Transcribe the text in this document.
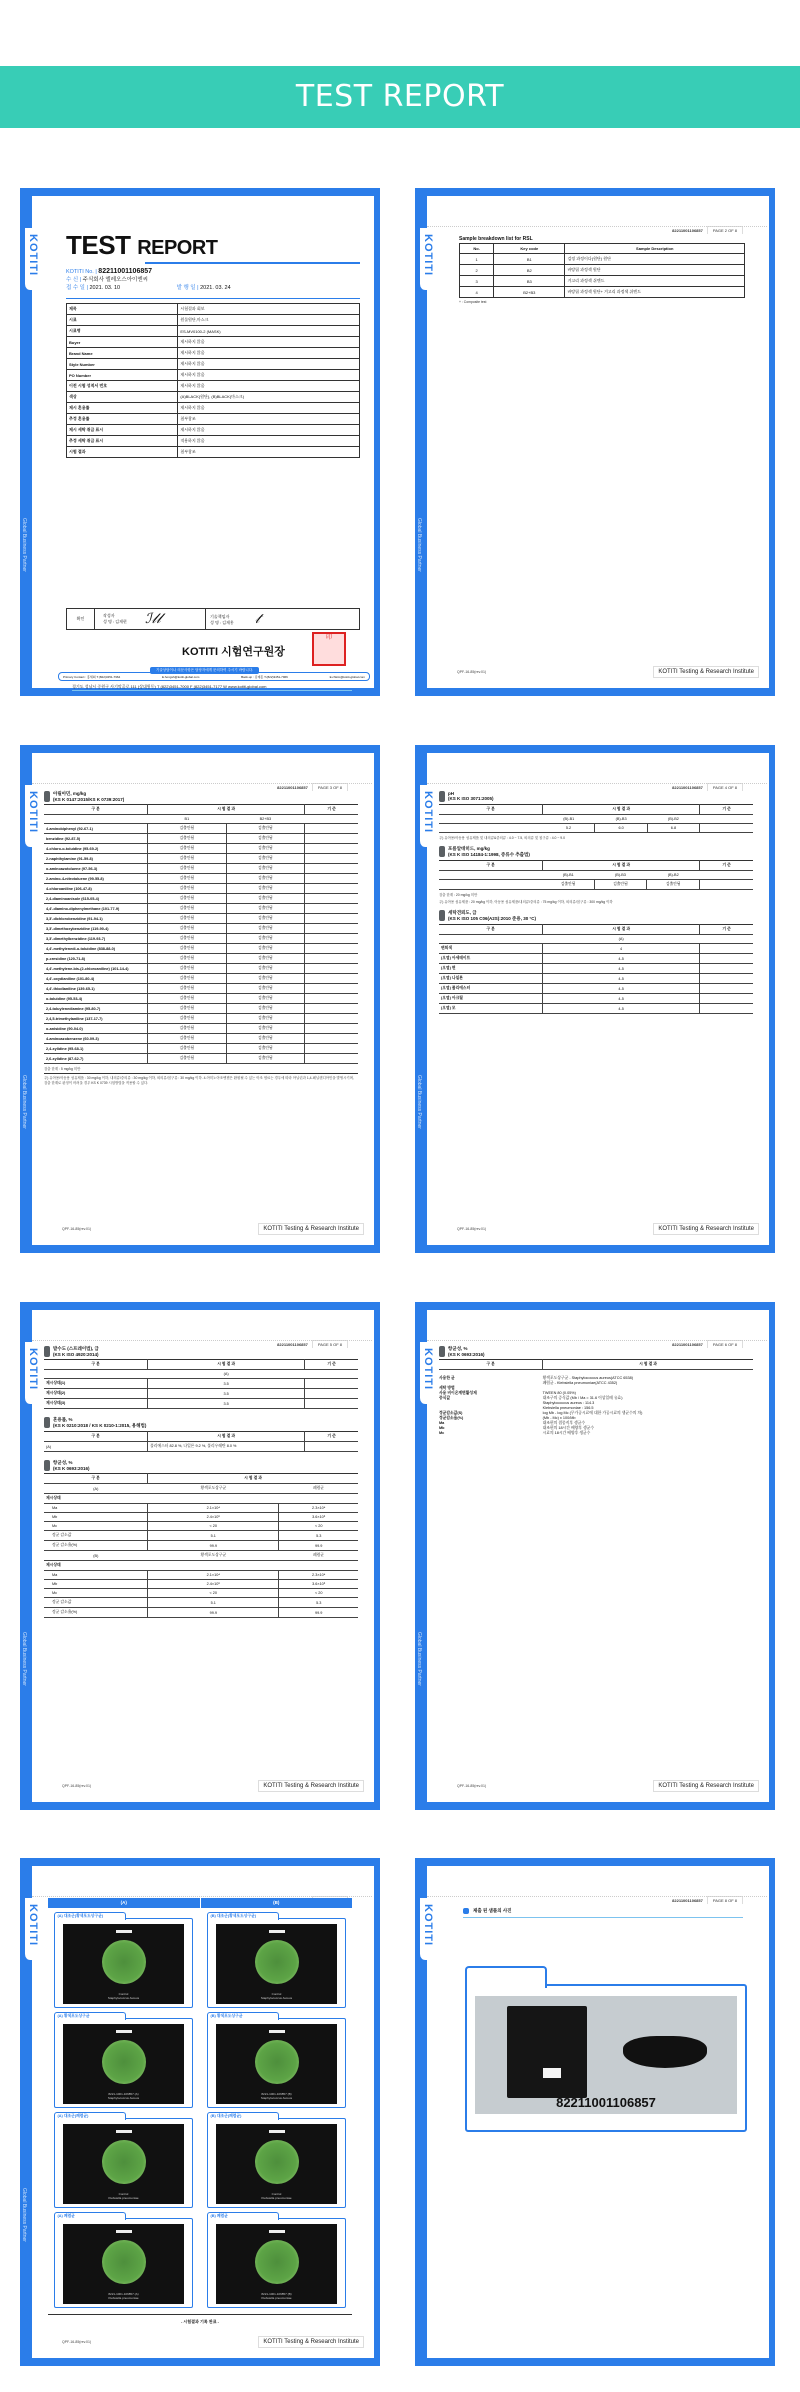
TEST REPORT
TEST REPORT
KOTITI No. | 82211001106857
수 신 | 주식회사 엘레오스아이엔씨
접 수 일 | 2021. 03. 10	발 행 일 | 2021. 03. 24
제목	시험결과 회보
시료	원물원단,마스크
시료명	ES-MV0100-2 (MASK)
Buyer	제시하지 않음
Brand Name	제시하지 않음
Style Number	제시하지 않음
PO Number	제시하지 않음
이전 시험 성적서 번호	제시하지 않음
색상	(A)BLACK(원단), (B)BLACK(마스크)
제시 혼용률	제시하지 않음
추정 혼용률	첨부참조
제시 세탁 취급 표시	제시하지 않음
추정 세탁 취급 표시	적용하지 않음
시험 결과	첨부참조
확인
작성자
성 명 : 김재현	ℐ𝓁𝓁	기술책임자
성 명 : 김재홍	𝓉
KOTITI 시험연구원장
印
기술상담이나 의문사항은 담당자에게 문의하여 주시기 바랍니다.
Primary Contact : 홍세희 T.(822)3451-7964	E.hongsh@kotiti-global.com	Back-up : 김재홍 T.(822)3451-7966	E.chkim@kotiti-global.com
경기도 성남시 중원구 사기막골로 111 (상대원동) T (822)3451-7000 F (822)3451-7177 W www.kotiti-global.com
KOTITI
Global Business Partner
82211001106857	PAGE 2 OF 8
Sample breakdown list for RSL
No.	Key code	Sample Description
1	B1	검정 과정이다(원단) 원단
2	B2	바탕립 과정색 원단
3	B3	겨고리 과정색 쉬엔드
4	B2+B3	바탕립 과정색 원단+ 겨고리 과정색 쉬엔드
+ : Composite test
QPF-16-85(rev.01)	KOTITI Testing & Research Institute
KOTITI
Global Business Partner
82211001106857	PAGE 3 OF 8
아릴아민, mg/kg
(KS K 0147:2015/KS K 0739:2017)
구 분	시 험 결 과		기 준
	B1	B2+B3	
4-aminobiphenyl (92-67-1)	검출안됨	검출안됨	
benzidine (92-87-5)	검출안됨	검출안됨	
4-chloro-o-toluidine (95-69-2)	검출안됨	검출안됨	
2-naphthylamine (91-59-8)	검출안됨	검출안됨	
o-aminoazotoluene (97-56-3)	검출안됨	검출안됨	
2-amino-4-nitrotoluene (99-55-8)	검출안됨	검출안됨	
4-chloroaniline (106-47-8)	검출안됨	검출안됨	
2,4-diaminoanisole (615-05-4)	검출안됨	검출안됨	
4,4'-diamino-diphenylmethane (101-77-9)	검출안됨	검출안됨	
3,3'-dichlorobenzidine (91-94-1)	검출안됨	검출안됨	
3,3'-dimethoxybenzidine (119-90-4)	검출안됨	검출안됨	
3,3'-dimethylbenzidine (119-93-7)	검출안됨	검출안됨	
4,4'-methylenedi-o-toluidine (838-88-0)	검출안됨	검출안됨	
p-cresidine (120-71-8)	검출안됨	검출안됨	
4,4'-methylene-bis-(2-chloroaniline) (101-14-4)	검출안됨	검출안됨	
4,4'-oxydianiline (101-80-4)	검출안됨	검출안됨	
4,4'-thiodianiline (139-65-1)	검출안됨	검출안됨	
o-toluidine (95-53-4)	검출안됨	검출안됨	
2,4-toluylenediamine (95-80-7)	검출안됨	검출안됨	
2,4,5-trimethylaniline (137-17-7)	검출안됨	검출안됨	
o-anisidine (90-04-0)	검출안됨	검출안됨	
4-aminoazobenzene (60-09-3)	검출안됨	검출안됨	
2,4-xylidine (95-68-1)	검출안됨	검출안됨	
2,6-xylidine (87-62-7)	검출안됨	검출안됨	
검출 한계 : 5 mg/kg 미만
주) 유아용/아동용 섬유제품 : 30 mg/kg 이하, 내의류/중의류 : 30 mg/kg 이하, 외의류/침구류 : 30 mg/kg 이하. 4-아미노아조벤젠은 환원될 수 있는 아조 염료는 경우에 따라 아닐린과 1,4-페닐렌디아민을 발생시키며, 검출 한계로 판정이 어려울 경우 KS K 0739 시험방법을 적용할 수 있다.
QPF-16-85(rev.01)	KOTITI Testing & Research Institute
KOTITI
Global Business Partner
82211001106857	PAGE 4 OF 8
pH
(KS K ISO 3071:2005)
구 분	시 험 결 과			기 준
	(B)-B1	(B)-B3	(B)-B2	
	5.2	6.0	6.8	
주) 유아용/아동용 섬유제품 및 내의류&중의류 : 4.0 ~ 7.5, 외의류 및 침구류 : 4.0 ~ 9.0
포름알데히드, mg/kg
(KS K ISO 14184-1:1998, 증류수 추출법)
구 분	시 험 결 과			기 준
	(B)-B1	(B)-B3	(B)-B2	
	검출안됨	검출안됨	검출안됨	
검출 한계 : 20 mg/kg 미만
주) 유아용 섬유제품 : 20 mg/kg 이하, 아동용 섬유제품/내의류/중의류 : 75 mg/kg 이하, 외의류/침구류 : 300 mg/kg 이하
세탁견뢰도, 급
(KS K ISO 105 C06(A2S):2010 준용, 30 °C)
구 분	시 험 결 과	기 준
	(A)	
변퇴색	4	
(오염) 아세테이트	4-5	
(오염) 면	4-5	
(오염) 나일론	4-5	
(오염) 폴리에스터	4-5	
(오염) 아크릴	4-5	
(오염) 모	4-5	
QPF-16-85(rev.01)	KOTITI Testing & Research Institute
KOTITI
Global Business Partner
82211001106857	PAGE 5 OF 8
발수도 (스프레이법), 급
(KS K ISO 4920:2014)
구 분	시 험 결 과	기 준
	(A)	
제시상태(1)	3.5	
제시상태(2)	3.5	
제시상태(3)	3.5	
혼용률, %
(KS K 0210:2018 / KS K 0210-1:2015, 용해법)
구 분	시 험 결 과	기 준
(A)	폴리에스터 82.8 %, 나일론 9.2 %, 폴리우레탄 8.0 %	
항균성, %
(KS K 0693:2016)
구 분	시 험 결 과	
(A)	황색포도상구균	폐렴균
제시상태		
Ma	2.1×10⁴	2.3×10⁴
Mb	2.4×10⁶	3.6×10⁶
Mc	< 20	< 20
정균 감소값	5.1	5.3
정균 감소율(%)	99.9	99.9
(B)	황색포도상구균	폐렴균
제시상태		
Ma	2.1×10⁴	2.3×10⁴
Mb	2.4×10⁶	3.6×10⁶
Mc	< 20	< 20
정균 감소값	5.1	5.3
정균 감소율(%)	99.9	99.9
QPF-16-85(rev.01)	KOTITI Testing & Research Institute
KOTITI
Global Business Partner
82211001106857	PAGE 6 OF 8
항균성, %
(KS K 0693:2016)
구 분	시 험 결 과
사용한 균	황색포도상구균 - Staphylococcus aureus(ATCC 6538)
폐렴균 - Klebsiella pneumoniae(ATCC 4352)
세탁 방법
사용 비이온계면활성제	TWEEN 80 (0.05%)
증식값	대조구의 증식값 (Mb / Ma = 31.6 이상일때 유효)
Staphylococcus aureus : 114.3
Klebsiella pneumoniae : 156.5
정균감소값(S)	log Mb - log Mc (무가공시료에 대한 가공시료의 생균수의 차)
정균감소율(%)	(Mb - Mc) x 100/Mb
Ma	대조편의 접종직후 생균수
Mb	대조편의 18시간 배양후 생균수
Mc	시료의 18시간 배양후 생균수
QPF-16-85(rev.01)	KOTITI Testing & Research Institute
KOTITI
Global Business Partner
(A)	(B)
(A) 대조군(황색포도상구균)
Control
Staphylococcus Aureus
(B) 대조군(황색포도상구균)
Control
Staphylococcus Aureus
(A) 황색포도상구균
8221-1001-106857 (A)
Staphylococcus Aureus
(B) 황색포도상구균
8221-1001-106857 (B)
Staphylococcus Aureus
(A) 대조군(폐렴균)
Control
Klebsiella pneumoniae
(B) 대조군(폐렴균)
Control
Klebsiella pneumoniae
(A) 폐렴균
8221-1001-106857 (A)
Klebsiella pneumoniae
(B) 폐렴균
8221-1001-106857 (B)
Klebsiella pneumoniae
- 시험결과 기록 완료 -
QPF-16-85(rev.01)	KOTITI Testing & Research Institute
KOTITI
Global Business Partner
82211001106857	PAGE 8 OF 8
제출 된 샘플의 사진
82211001106857
KOTITI
